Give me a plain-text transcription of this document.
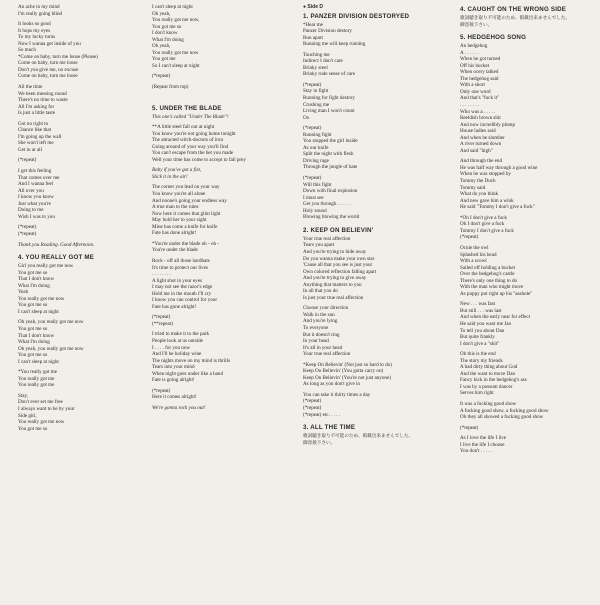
An ache in my mind
I'm really going blind
It looks so good
It hops my eyes
To my lucky turns
Now I wanna get inside of you
So much
*Come on baby, turn me loose (Please)
Come on baby, turn me loose
Don't you give me, no excuse
Come on baby, turn me loose
All the time
We been messing round
There's no time to waste
All I'm asking for
Is just a little taste
Got no right to
Chance like that
I'm going up the wall
She won't left me
Get in at all
(*repeat)
I get this feeling
That comes over me
And I wanna feel
All over you
I know you know
Just what you're
Doing to me
Wish I was to you
(*repeat)
(*repeat)
Thank you Reading. Good Afternoon.
4. YOU REALLY GOT ME
Girl you really got me now
You got me so
That I don't know
What I'm doing
Yeah
You really got me now
You got me so
I can't sleep at night
Oh yeah, you really got me now
You got me so
That I don't know
What I'm doing
Oh yeah, you really got me now
You got me so
I can't sleep at night
*You really got me
You really got me
You really got me
Stay,
Don't ever set me free
I always want to be by your
Side girl,
You really got me now
You got me so
I can't sleep at night
Oh yeah,
You really got me now,
You got me so
I don't know
What I'm doing
Oh yeah,
You really got me now
You got me
So I can't sleep at night
(*repeat)
(Repeat from top)
5. UNDER THE BLADE
This one's called "Under The Blade"!
**A little steel fall out at night
You know you're not going home tonight
The attracted witch-doctors of iron
Going around of your way you'll find
You can't escape from the bet you made
Well your time has come to accept to fall prey
Baby if you've got a fist,
Stick it in the air!
The corner you lead on your way
You know you're all alone
And noone's going your endless way
A true man to the rules
Now here it comes that glint light
May hold her to your sight
Mine has come a knife for knife
Fate has done alright!
*You're under the blade oh - oh -
You're under the blade
Rock - off all those hardhats
It's time to protect our lives
. . . . . . . .
A light shot in your eyes
I may not see the razor's edge
Hold me in the mouth I'll cry
I know you can control for your
Fate has gone alright!
(*repeat)
(**repeat)
I tried to make it to the park
People look at us outside
I . . . . for you now
And I'll be holiday wine
The nights move on my mind is thrills
Tears into your mind
When night goes under like a hand
Fate is going alright!
(*repeat)
Here it comes alright!
We're gonna rock you out!
● Side D
1. PANZER DIVISION DESTORYED
*Hear me
Panzer Division destory
Run apart
Running me will keep running
Touching me
Indirect I don't care
Brinky steel
Brinky rude sense of care
(*repeat)
Stay in fight
Running for fight destory
Crushing me
Living man I won't count
Oo
(*repeat)
Running fight
You stopped the girl inside
As our knife
Split the night with flesh
Driving rage
Through the jungle of hate
(*repeat)
Will this fight
Down with final explosion
I must see
Get you through . . . . . .
Holy sound
Blowing blowing the world
2. KEEP ON BELIEVIN'
Your true real affection
Tears you apart
And you're trying to hide away
Do you wanna make your own star
'Cause all that you see is just your
Own colored reflection falling apart
And you're trying to give away
Anything that matters to you
In all that you do
Is just your true real affection
Choose your direction
Walk in the sun
And you're lying
To everyone
But it doesn't ring
In your head
It's all in your head
Your true real affection
*Keep On Believin' (Not just so hard to do)
Keep On Believin' (You gotta carry on)
Keep On Believin' (You're not just anyone)
As long as you don't give in
You can take it thirty times a day
(*repeat)
(*repeat)
(*repeat) etc. . . . .
3. ALL THE TIME
歌詞聴き取り不可能のため、掲載出来ませんでした。
御容赦下さい。
4. CAUGHT ON THE WRONG SIDE
歌詞聴き取り不可能のため、掲載出来ませんでした。
御容赦下さい。
5. HEDGEHOG SONG
An hedgehog
A . . . . . .
When he got turned
Off his bucket
When ocery talked
The hedgehog said
With a short
Only one word
And that's "fuck it"
. . . . . . . .
Who was a . . . . .
Reeldish brown shit
And now incredibly plump
House ladies said
And when he slumber
A river turned down
And said "high"
And through the end
He was half way through a good wine
When he was stopped by
Tommy the Duch
Tommy said
What do you think
And new gave him a wink
He said "Tommy I don't give a fuck"
*Oh I don't give a fuck
Oh I don't give a fuck
Tommy I don't give a fuck
(*repeat)
Ocnie the owl
Splashed his head
With a scowl
Sailed off holding a bucket
Over the hedgehog's castle
There's only one thing to do
With the man who might move
As puppy put right up his "asshole"
New . . . was fast
But still . . . was last
And when the early near for effect
He said you want me Jan
To tell you about Dan
But quite frankly
I don't give a "shit"
Oh this is the end
The story my friends
A bad dirty thing about God
And the want to move Dan
Fancy kick in the hedgehog's ass
I was by a possum dancer
Serves him right
It was a fucking good show
A fucking good show, a fucking good show
Oh they all showed a fucking good show
(*repeat)
As I love the life I live
I live the life I choose
You don't . . . . .
